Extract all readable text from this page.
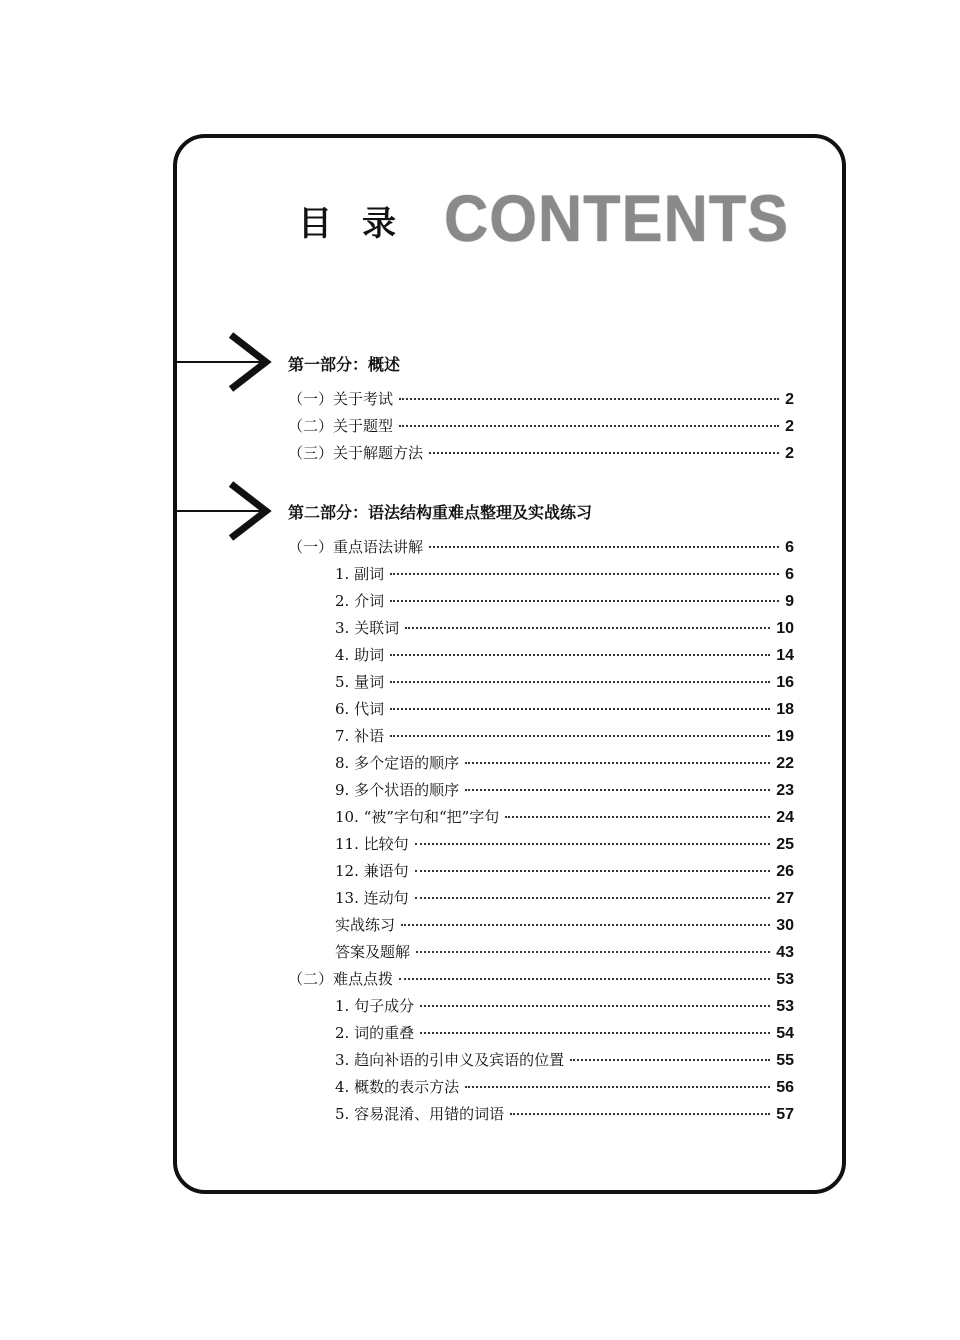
目录 CONTENTS
第一部分：概述
（一）关于考试	2
（二）关于题型	2
（三）关于解题方法	2
第二部分：语法结构重难点整理及实战练习
（一）重点语法讲解	6
1. 副词	6
2. 介词	9
3. 关联词	10
4. 助词	14
5. 量词	16
6. 代词	18
7. 补语	19
8. 多个定语的顺序	22
9. 多个状语的顺序	23
10. “被”字句和“把”字句	24
11. 比较句	25
12. 兼语句	26
13. 连动句	27
实战练习	30
答案及题解	43
（二）难点点拨	53
1. 句子成分	53
2. 词的重叠	54
3. 趋向补语的引申义及宾语的位置	55
4. 概数的表示方法	56
5. 容易混淆、用错的词语	57
